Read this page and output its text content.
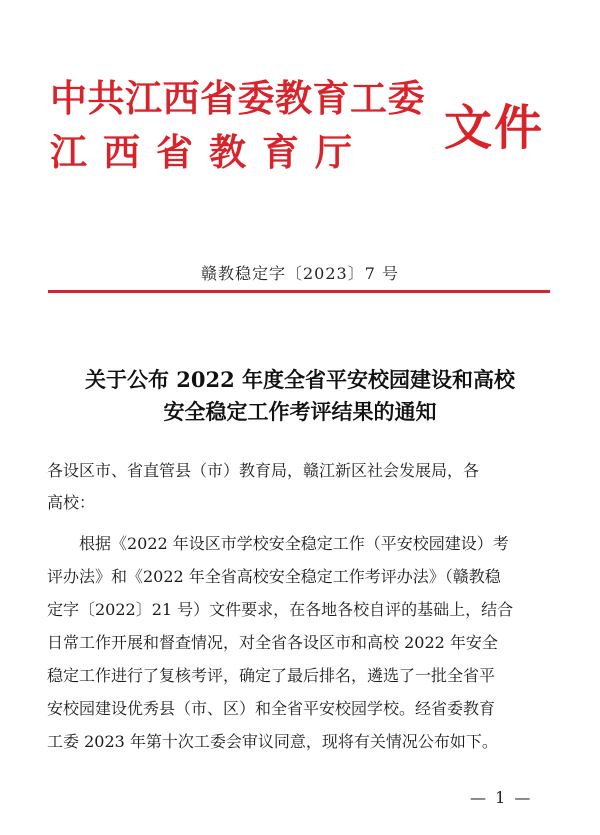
中共江西省委教育工委
江西省教育厅 文件
赣教稳定字〔2023〕7 号
关于公布 2022 年度全省平安校园建设和高校
安全稳定工作考评结果的通知
各设区市、省直管县（市）教育局，赣江新区社会发展局，各
高校：
根据《2022 年设区市学校安全稳定工作（平安校园建设）考
评办法》和《2022 年全省高校安全稳定工作考评办法》（赣教稳
定字〔2022〕21 号）文件要求，在各地各校自评的基础上，结合
日常工作开展和督查情况，对全省各设区市和高校 2022 年安全
稳定工作进行了复核考评，确定了最后排名，遴选了一批全省平
安校园建设优秀县（市、区）和全省平安校园学校。经省委教育
工委 2023 年第十次工委会审议同意，现将有关情况公布如下。
— 1 —
